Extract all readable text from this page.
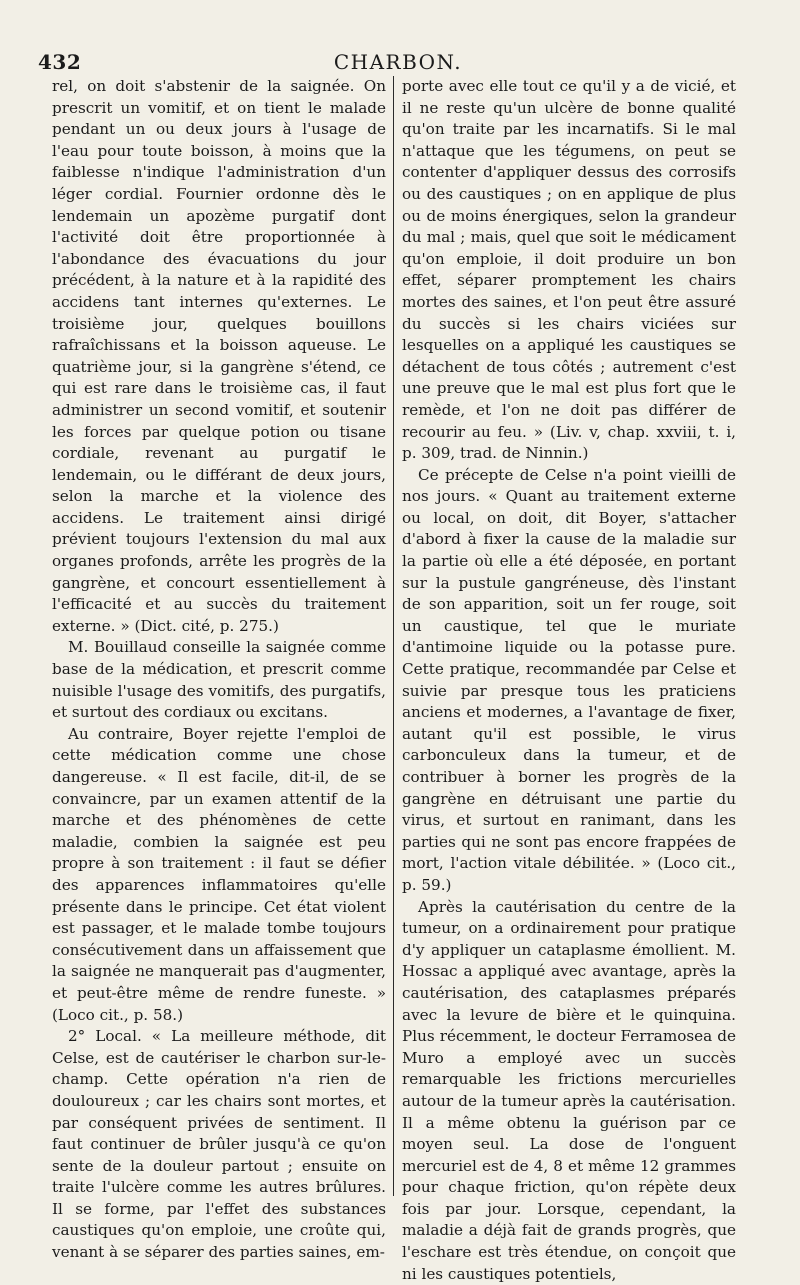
432	CHARBON.

rel, on doit s'abstenir de la saignée. On prescrit un vomitif, et on tient le malade pendant un ou deux jours à l'usage de l'eau pour toute boisson, à moins que la faiblesse n'indique l'administration d'un léger cordial. Fournier ordonne dès le lendemain un apozème purgatif dont l'activité doit être proportionnée à l'abondance des évacuations du jour précédent, à la nature et à la rapidité des accidens tant internes qu'externes. Le troisième jour, quelques bouillons rafraîchissans et la boisson aqueuse. Le quatrième jour, si la gangrène s'étend, ce qui est rare dans le troisième cas, il faut administrer un second vomitif, et soutenir les forces par quelque potion ou tisane cordiale, revenant au purgatif le lendemain, ou le différant de deux jours, selon la marche et la violence des accidens. Le traitement ainsi dirigé prévient toujours l'extension du mal aux organes profonds, arrête les progrès de la gangrène, et concourt essentiellement à l'efficacité et au succès du traitement externe. » (Dict. cité, p. 275.)

M. Bouillaud conseille la saignée comme base de la médication, et prescrit comme nuisible l'usage des vomitifs, des purgatifs, et surtout des cordiaux ou excitans.

Au contraire, Boyer rejette l'emploi de cette médication comme une chose dangereuse. « Il est facile, dit-il, de se convaincre, par un examen attentif de la marche et des phénomènes de cette maladie, combien la saignée est peu propre à son traitement : il faut se défier des apparences inflammatoires qu'elle présente dans le principe. Cet état violent est passager, et le malade tombe toujours consécutivement dans un affaissement que la saignée ne manquerait pas d'augmenter, et peut-être même de rendre funeste. » (Loco cit., p. 58.)

2° Local. « La meilleure méthode, dit Celse, est de cautériser le charbon sur-le-champ. Cette opération n'a rien de douloureux ; car les chairs sont mortes, et par conséquent privées de sentiment. Il faut continuer de brûler jusqu'à ce qu'on sente de la douleur partout ; ensuite on traite l'ulcère comme les autres brûlures. Il se forme, par l'effet des substances caustiques qu'on emploie, une croûte qui, venant à se séparer des parties saines, em-

porte avec elle tout ce qu'il y a de vicié, et il ne reste qu'un ulcère de bonne qualité qu'on traite par les incarnatifs. Si le mal n'attaque que les tégumens, on peut se contenter d'appliquer dessus des corrosifs ou des caustiques ; on en applique de plus ou de moins énergiques, selon la grandeur du mal ; mais, quel que soit le médicament qu'on emploie, il doit produire un bon effet, séparer promptement les chairs mortes des saines, et l'on peut être assuré du succès si les chairs viciées sur lesquelles on a appliqué les caustiques se détachent de tous côtés ; autrement c'est une preuve que le mal est plus fort que le remède, et l'on ne doit pas différer de recourir au feu. » (Liv. v, chap. xxviii, t. i, p. 309, trad. de Ninnin.)

Ce précepte de Celse n'a point vieilli de nos jours. « Quant au traitement externe ou local, on doit, dit Boyer, s'attacher d'abord à fixer la cause de la maladie sur la partie où elle a été déposée, en portant sur la pustule gangréneuse, dès l'instant de son apparition, soit un fer rouge, soit un caustique, tel que le muriate d'antimoine liquide ou la potasse pure. Cette pratique, recommandée par Celse et suivie par presque tous les praticiens anciens et modernes, a l'avantage de fixer, autant qu'il est possible, le virus carbonculeux dans la tumeur, et de contribuer à borner les progrès de la gangrène en détruisant une partie du virus, et surtout en ranimant, dans les parties qui ne sont pas encore frappées de mort, l'action vitale débilitée. » (Loco cit., p. 59.)

Après la cautérisation du centre de la tumeur, on a ordinairement pour pratique d'y appliquer un cataplasme émollient. M. Hossac a appliqué avec avantage, après la cautérisation, des cataplasmes préparés avec la levure de bière et le quinquina. Plus récemment, le docteur Ferramosea de Muro a employé avec un succès remarquable les frictions mercurielles autour de la tumeur après la cautérisation. Il a même obtenu la guérison par ce moyen seul. La dose de l'onguent mercuriel est de 4, 8 et même 12 grammes pour chaque friction, qu'on répète deux fois par jour. Lorsque, cependant, la maladie a déjà fait de grands progrès, que l'eschare est très étendue, on conçoit que ni les caustiques potentiels,
